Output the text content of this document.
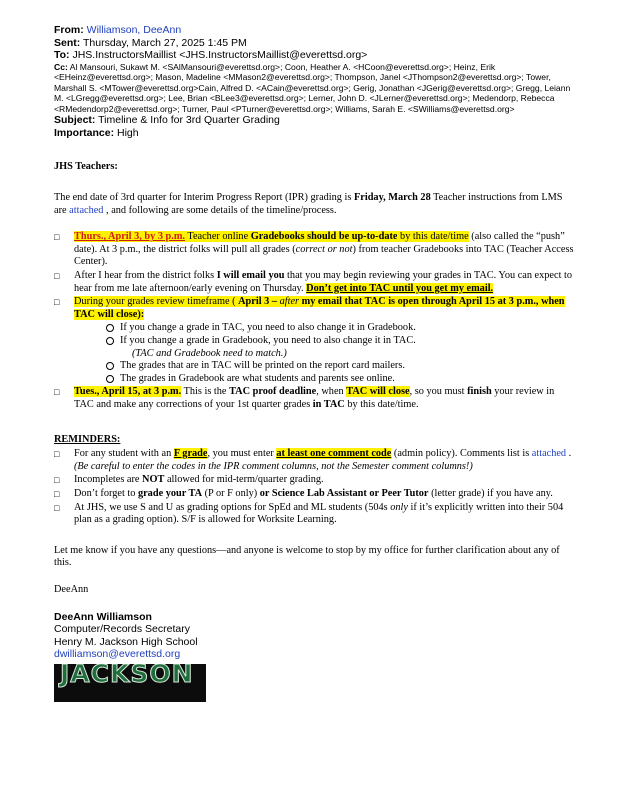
From: Williamson, DeeAnn
Sent: Thursday, March 27, 2025 1:45 PM
To: JHS.InstructorsMaillist <JHS.InstructorsMaillist@everettsd.org>
Cc: Al Mansouri, Sukawt M. <SAlMansouri@everettsd.org>; Coon, Heather A. <HCoon@everettsd.org>; Heinz, Erik <EHeinz@everettsd.org>; Mason, Madeline <MMason2@everettsd.org>; Thompson, Janel <JThompson2@everettsd.org>; Tower, Marshall S. <MTower@everettsd.org>Cain, Alfred D. <ACain@everettsd.org>; Gerig, Jonathan <JGerig@everettsd.org>; Gregg, Leiann M. <LGregg@everettsd.org>; Lee, Brian <BLee3@everettsd.org>; Lerner, John D. <JLerner@everettsd.org>; Medendorp, Rebecca <RMedendorp2@everettsd.org>; Turner, Paul <PTurner@everettsd.org>; Williams, Sarah E. <SWilliams@everettsd.org>
Subject: Timeline & Info for 3rd Quarter Grading
Importance: High
JHS Teachers:
The end date of 3rd quarter for Interim Progress Report (IPR) grading is Friday, March 28 Teacher instructions from LMS are attached , and following are some details of the timeline/process.
□	Thurs., April 3, by 3 p.m. Teacher online Gradebooks should be up-to-date by this date/time (also called the “push” date). At 3 p.m., the district folks will pull all grades (correct or not) from teacher Gradebooks into TAC (Teacher Access Center).
□	After I hear from the district folks I will email you that you may begin reviewing your grades in TAC. You can expect to hear from me late afternoon/early evening on Thursday. Don’t get into TAC until you get my email.
□	During your grades review timeframe ( April 3 – after my email that TAC is open through April 15 at 3 p.m., when TAC will close):
If you change a grade in TAC, you need to also change it in Gradebook.
If you change a grade in Gradebook, you need to also change it in TAC.
(TAC and Gradebook need to match.)
The grades that are in TAC will be printed on the report card mailers.
The grades in Gradebook are what students and parents see online.
□	Tues., April 15, at 3 p.m. This is the TAC proof deadline, when TAC will close, so you must finish your review in TAC and make any corrections of your 1st quarter grades in TAC by this date/time.
REMINDERS:
□	For any student with an F grade, you must enter at least one comment code (admin policy). Comments list is attached . (Be careful to enter the codes in the IPR comment columns, not the Semester comment columns!)
□	Incompletes are NOT allowed for mid-term/quarter grading.
□	Don’t forget to grade your TA (P or F only) or Science Lab Assistant or Peer Tutor (letter grade) if you have any.
□	At JHS, we use S and U as grading options for SpEd and ML students (504s only if it’s explicitly written into their 504 plan as a grading option). S/F is allowed for Worksite Learning.
Let me know if you have any questions—and anyone is welcome to stop by my office for further clarification about any of this.
DeeAnn
DeeAnn Williamson
Computer/Records Secretary
Henry M. Jackson High School
dwilliamson@everettsd.org
JACKSON
